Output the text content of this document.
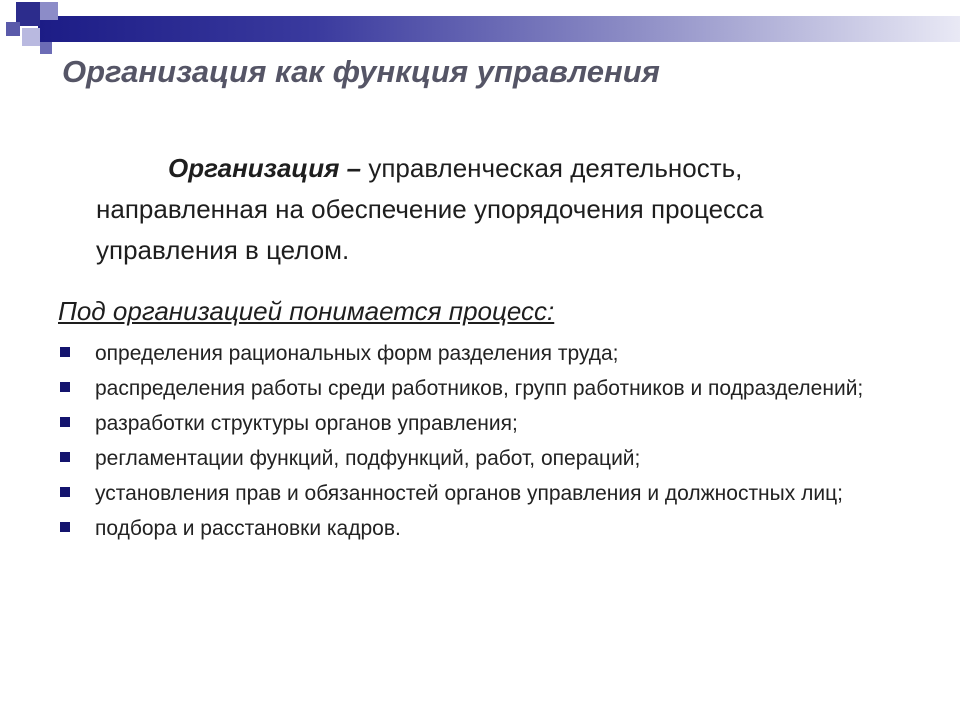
Организация как функция управления
Организация – управленческая деятельность, направленная на обеспечение упорядочения процесса управления в целом.
Под организацией понимается процесс:
определения рациональных форм разделения труда;
распределения работы среди работников, групп работников и подразделений;
разработки структуры органов управления;
регламентации функций, подфункций, работ, операций;
установления прав и обязанностей органов управления и должностных лиц;
подбора и расстановки кадров.
